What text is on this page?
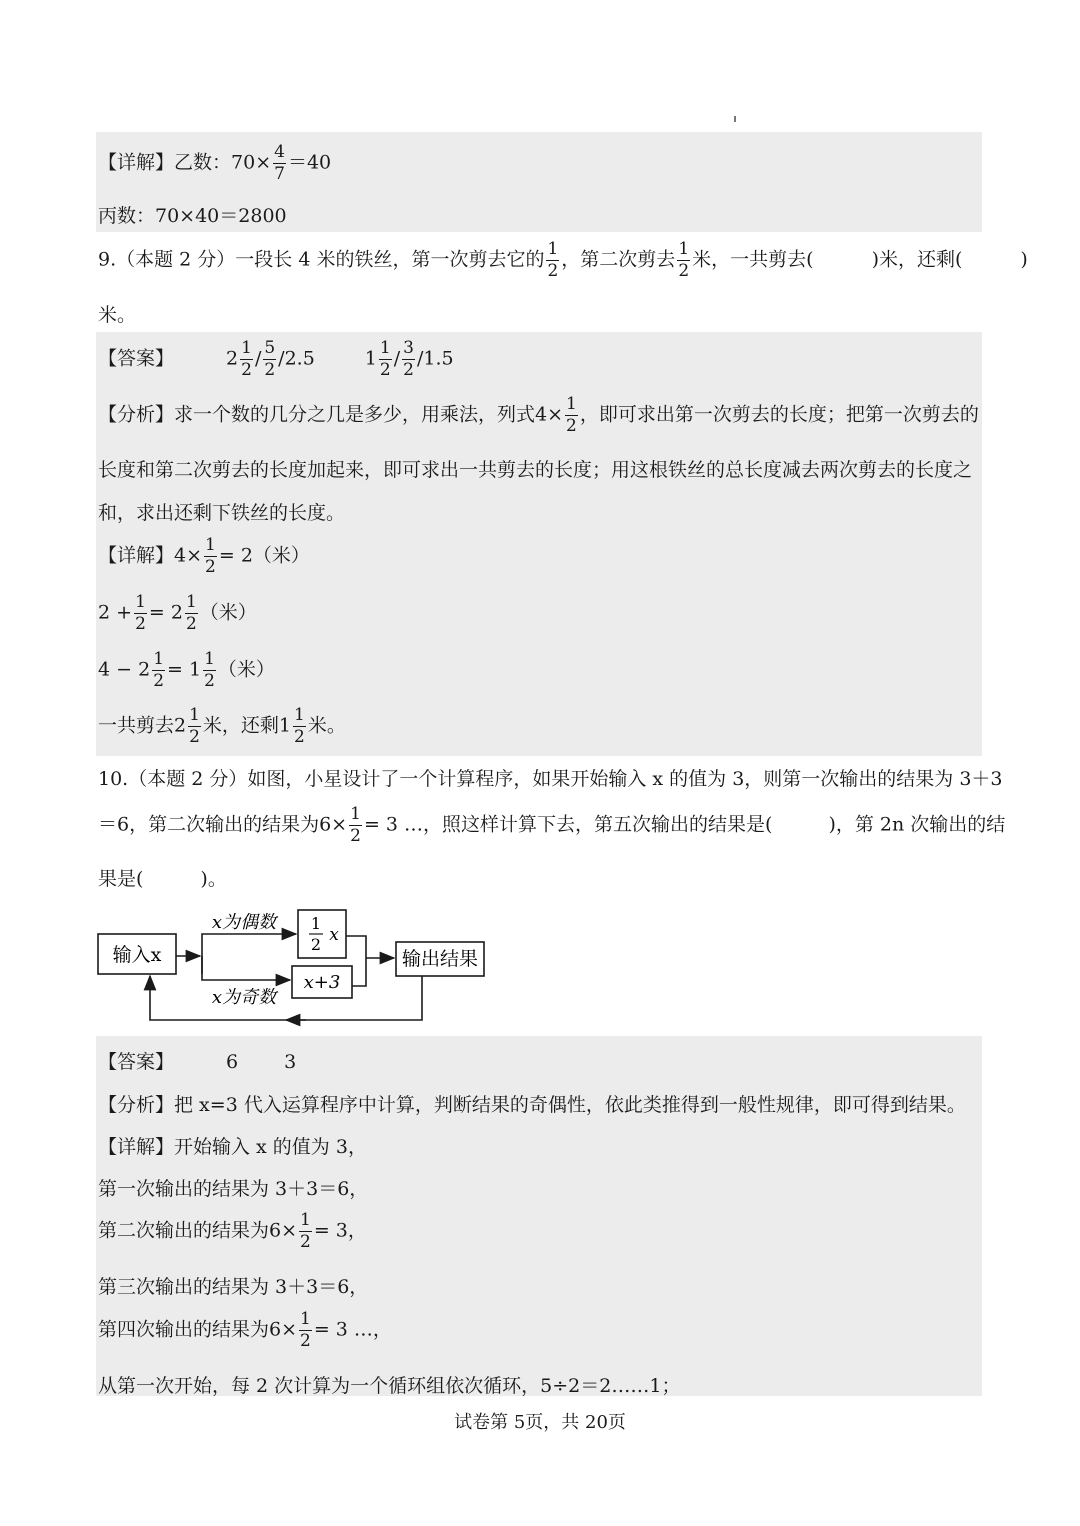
【详解】乙数：$70\times \frac{4}{7} =40$
丙数：70×40＝2800
9.（本题 2 分）一段长 4 米的铁丝，第一次剪去它的 $\frac{1}{2}$ ，第二次剪去 $\frac{1}{2}$ 米，一共剪去(	)米，还剩(	)
米。
【答案】	$2 \frac{1}{2} / \frac{5}{2} /2.5$	$1 \frac{1}{2} / \frac{3}{2} /1.5$
【分析】求一个数的几分之几是多少，用乘法，列式$4\times \frac{1}{2}$ ，即可求出第一次剪去的长度；把第一次剪去的
长度和第二次剪去的长度加起来，即可求出一共剪去的长度；用这根铁丝的总长度减去两次剪去的长度之
和，求出还剩下铁丝的长度。
【详解】$4\times \frac{1}{2} = 2$（米）
$2 + \frac{1}{2} = 2 \frac{1}{2}$ （米）
$4 - 2 \frac{1}{2} = 1 \frac{1}{2}$ （米）
一共剪去$2 \frac{1}{2}$ 米，还剩$1 \frac{1}{2}$ 米。
10.（本题 2 分）如图，小星设计了一个计算程序，如果开始输入 x 的值为 3，则第一次输出的结果为 3＋3
＝6，第二次输出的结果为$6\times \frac{1}{2} = 3$ …，照这样计算下去，第五次输出的结果是(	)，第 2n 次输出的结
果是(　　　)。
输入x
x为偶数
x为奇数
1
2 x
x+3
输出结果
【答案】	6 3
【分析】把 x=3 代入运算程序中计算，判断结果的奇偶性，依此类推得到一般性规律，即可得到结果。
【详解】开始输入 x 的值为 3，
第一次输出的结果为 3＋3＝6，
第二次输出的结果为$6\times \frac{1}{2} = 3$，
第三次输出的结果为 3＋3＝6，
第四次输出的结果为$6\times \frac{1}{2} = 3$ …，
从第一次开始，每 2 次计算为一个循环组依次循环，5÷2＝2……1；
试卷第 5页，共 20页
